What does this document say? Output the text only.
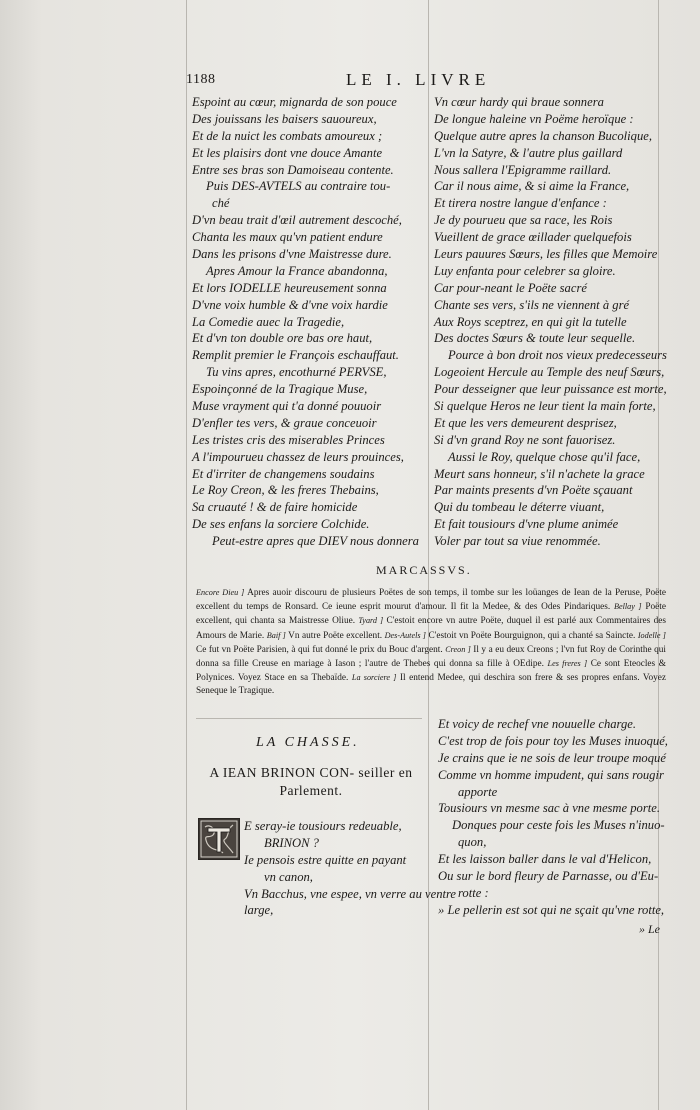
1188	LE I. LIVRE
Espoint au cœur, mignarda de son pouce
Des jouissans les baisers sauoureux,
Et de la nuict les combats amoureux ;
Et les plaisirs dont vne douce Amante
Entre ses bras son Damoiseau contente.
Puis DES-AVTELS au contraire tou-
ché
D'vn beau trait d'œil autrement descoché,
Chanta les maux qu'vn patient endure
Dans les prisons d'vne Maistresse dure.
Apres Amour la France abandonna,
Et lors IODELLE heureusement sonna
D'vne voix humble & d'vne voix hardie
La Comedie auec la Tragedie,
Et d'vn ton double ore bas ore haut,
Remplit premier le François eschauffaut.
Tu vins apres, encothurné PERVSE,
Espoinçonné de la Tragique Muse,
Muse vrayment qui t'a donné pouuoir
D'enfler tes vers, & graue conceuoir
Les tristes cris des miserables Princes
A l'impourueu chassez de leurs prouinces,
Et d'irriter de changemens soudains
Le Roy Creon, & les freres Thebains,
Sa cruauté ! & de faire homicide
De ses enfans la sorciere Colchide.
Peut-estre apres que DIEV nous donnera
Vn cœur hardy qui braue sonnera
De longue haleine vn Poëme heroïque :
Quelque autre apres la chanson Bucolique,
L'vn la Satyre, & l'autre plus gaillard
Nous sallera l'Epigramme raillard.
Car il nous aime, & si aime la France,
Et tirera nostre langue d'enfance :
Je dy pourueu que sa race, les Rois
Vueillent de grace œillader quelquefois
Leurs pauures Sœurs, les filles que Memoire
Luy enfanta pour celebrer sa gloire.
Car pour-neant le Poëte sacré
Chante ses vers, s'ils ne viennent à gré
Aux Roys sceptrez, en qui git la tutelle
Des doctes Sœurs & toute leur sequelle.
Pource à bon droit nos vieux predecesseurs
Logeoient Hercule au Temple des neuf Sœurs,
Pour desseigner que leur puissance est morte,
Si quelque Heros ne leur tient la main forte,
Et que les vers demeurent desprisez,
Si d'vn grand Roy ne sont fauorisez.
Aussi le Roy, quelque chose qu'il face,
Meurt sans honneur, s'il n'achete la grace
Par maints presents d'vn Poëte sçauant
Qui du tombeau le déterre viuant,
Et fait tousiours d'vne plume animée
Voler par tout sa viue renommée.
MARCASSVS.
Encore Dieu ] Apres auoir discouru de plusieurs Poëtes de son temps, il tombe sur les loüanges de Iean de la Peruse, Poëte excellent du temps de Ronsard. Ce ieune esprit mourut d'amour. Il fit la Medee, & des Odes Pindariques. Bellay ] Poëte excellent, qui chanta sa Maistresse Oliue. Tyard ] C'estoit encore vn autre Poëte, duquel il est parlé aux Commentaires des Amours de Marie. Baif ] Vn autre Poëte excellent. Des-Autels ] C'estoit vn Poëte Bourguignon, qui a chanté sa Saincte. Iodelle ] Ce fut vn Poëte Parisien, à qui fut donné le prix du Bouc d'argent. Creon ] Il y a eu deux Creons ; l'vn fut Roy de Corinthe qui donna sa fille Creuse en mariage à Iason ; l'autre de Thebes qui donna sa fille à OEdipe. Les freres ] Ce sont Eteocles & Polynices. Voyez Stace en sa Thebaïde. La sorciere ] Il entend Medee, qui deschira son frere & ses propres enfans. Voyez Seneque le Tragique.
LA CHASSE.
A IEAN BRINON CON- seiller en Parlement.
E seray-ie tousiours redeuable,
BRINON ?
Ie pensois estre quitte en payant
vn canon,
Vn Bacchus, vne espee, vn verre au ventre
large,
Et voicy de rechef vne nouuelle charge.
C'est trop de fois pour toy les Muses inuoqué,
Je crains que ie ne sois de leur troupe moqué
Comme vn homme impudent, qui sans rougir
apporte
Tousiours vn mesme sac à vne mesme porte.
Donques pour ceste fois les Muses n'inuo-
quon,
Et les laisson baller dans le val d'Helicon,
Ou sur le bord fleury de Parnasse, ou d'Eu-
rotte :
» Le pellerin est sot qui ne sçait qu'vne rotte,
» Le
